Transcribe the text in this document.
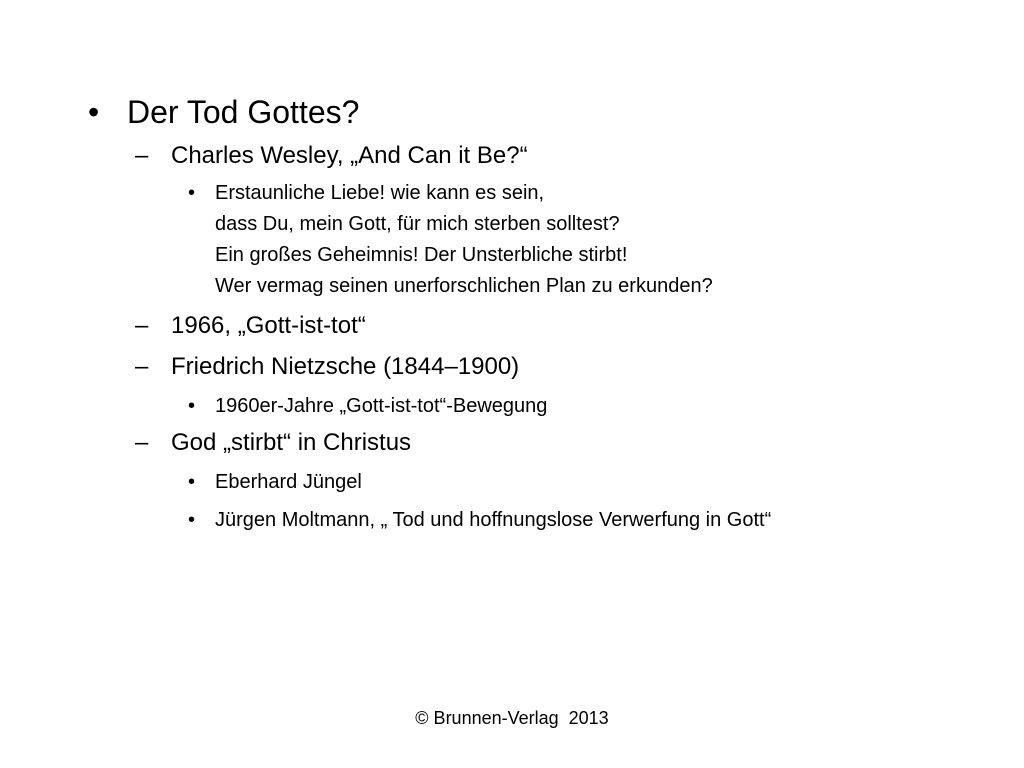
• Der Tod Gottes?
– Charles Wesley, „And Can it Be?“
• Erstaunliche Liebe! wie kann es sein,
dass Du, mein Gott, für mich sterben solltest?
Ein großes Geheimnis! Der Unsterbliche stirbt!
Wer vermag seinen unerforschlichen Plan zu erkunden?
– 1966, „Gott-ist-tot“
– Friedrich Nietzsche (1844–1900)
• 1960er-Jahre „Gott-ist-tot“-Bewegung
– God „stirbt“ in Christus
• Eberhard Jüngel
• Jürgen Moltmann, „ Tod und hoffnungslose Verwerfung in Gott“
© Brunnen-Verlag  2013
